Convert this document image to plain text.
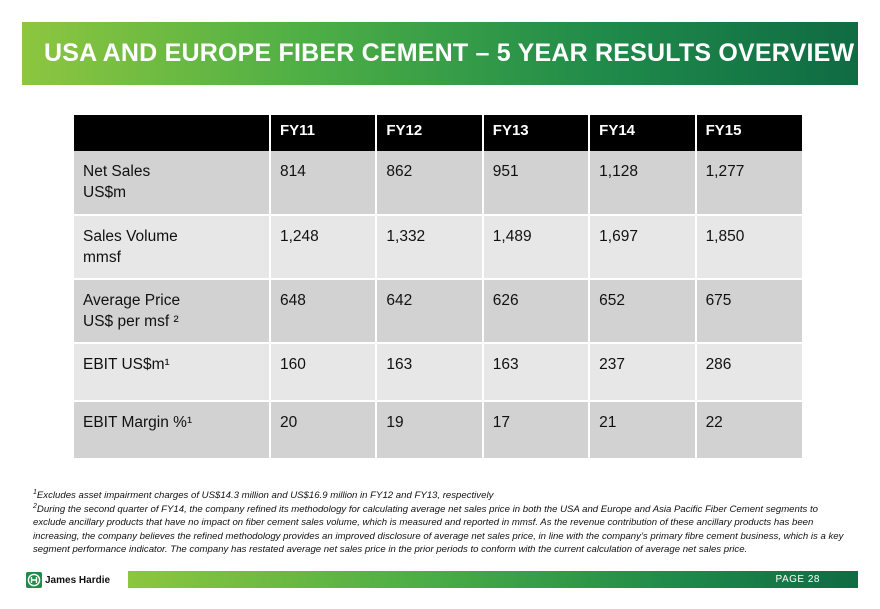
USA AND EUROPE FIBER CEMENT – 5 YEAR RESULTS OVERVIEW
	FY11	FY12	FY13	FY14	FY15

Net Sales
US$m	814	862	951	1,128	1,277

Sales Volume
mmsf	1,248	1,332	1,489	1,697	1,850

Average Price
US$ per msf ²	648	642	626	652	675

EBIT US$m¹	160	163	163	237	286

EBIT Margin %¹	20	19	17	21	22

$^1$Excludes asset impairment charges of US$14.3 million and US$16.9 million in FY12 and FY13, respectively

$^2$During the second quarter of FY14, the company refined its methodology for calculating average net sales price in both the USA and Europe and Asia Pacific Fiber Cement segments to exclude ancillary products that have no impact on fiber cement sales volume, which is measured and reported in mmsf. As the revenue contribution of these ancillary products has been increasing, the company believes the refined methodology provides an improved disclosure of average net sales price, in line with the company’s primary fibre cement business, which is a key segment performance indicator. The company has restated average net sales price in the prior periods to conform with the current calculation of average net sales price.

James Hardie	PAGE 28
